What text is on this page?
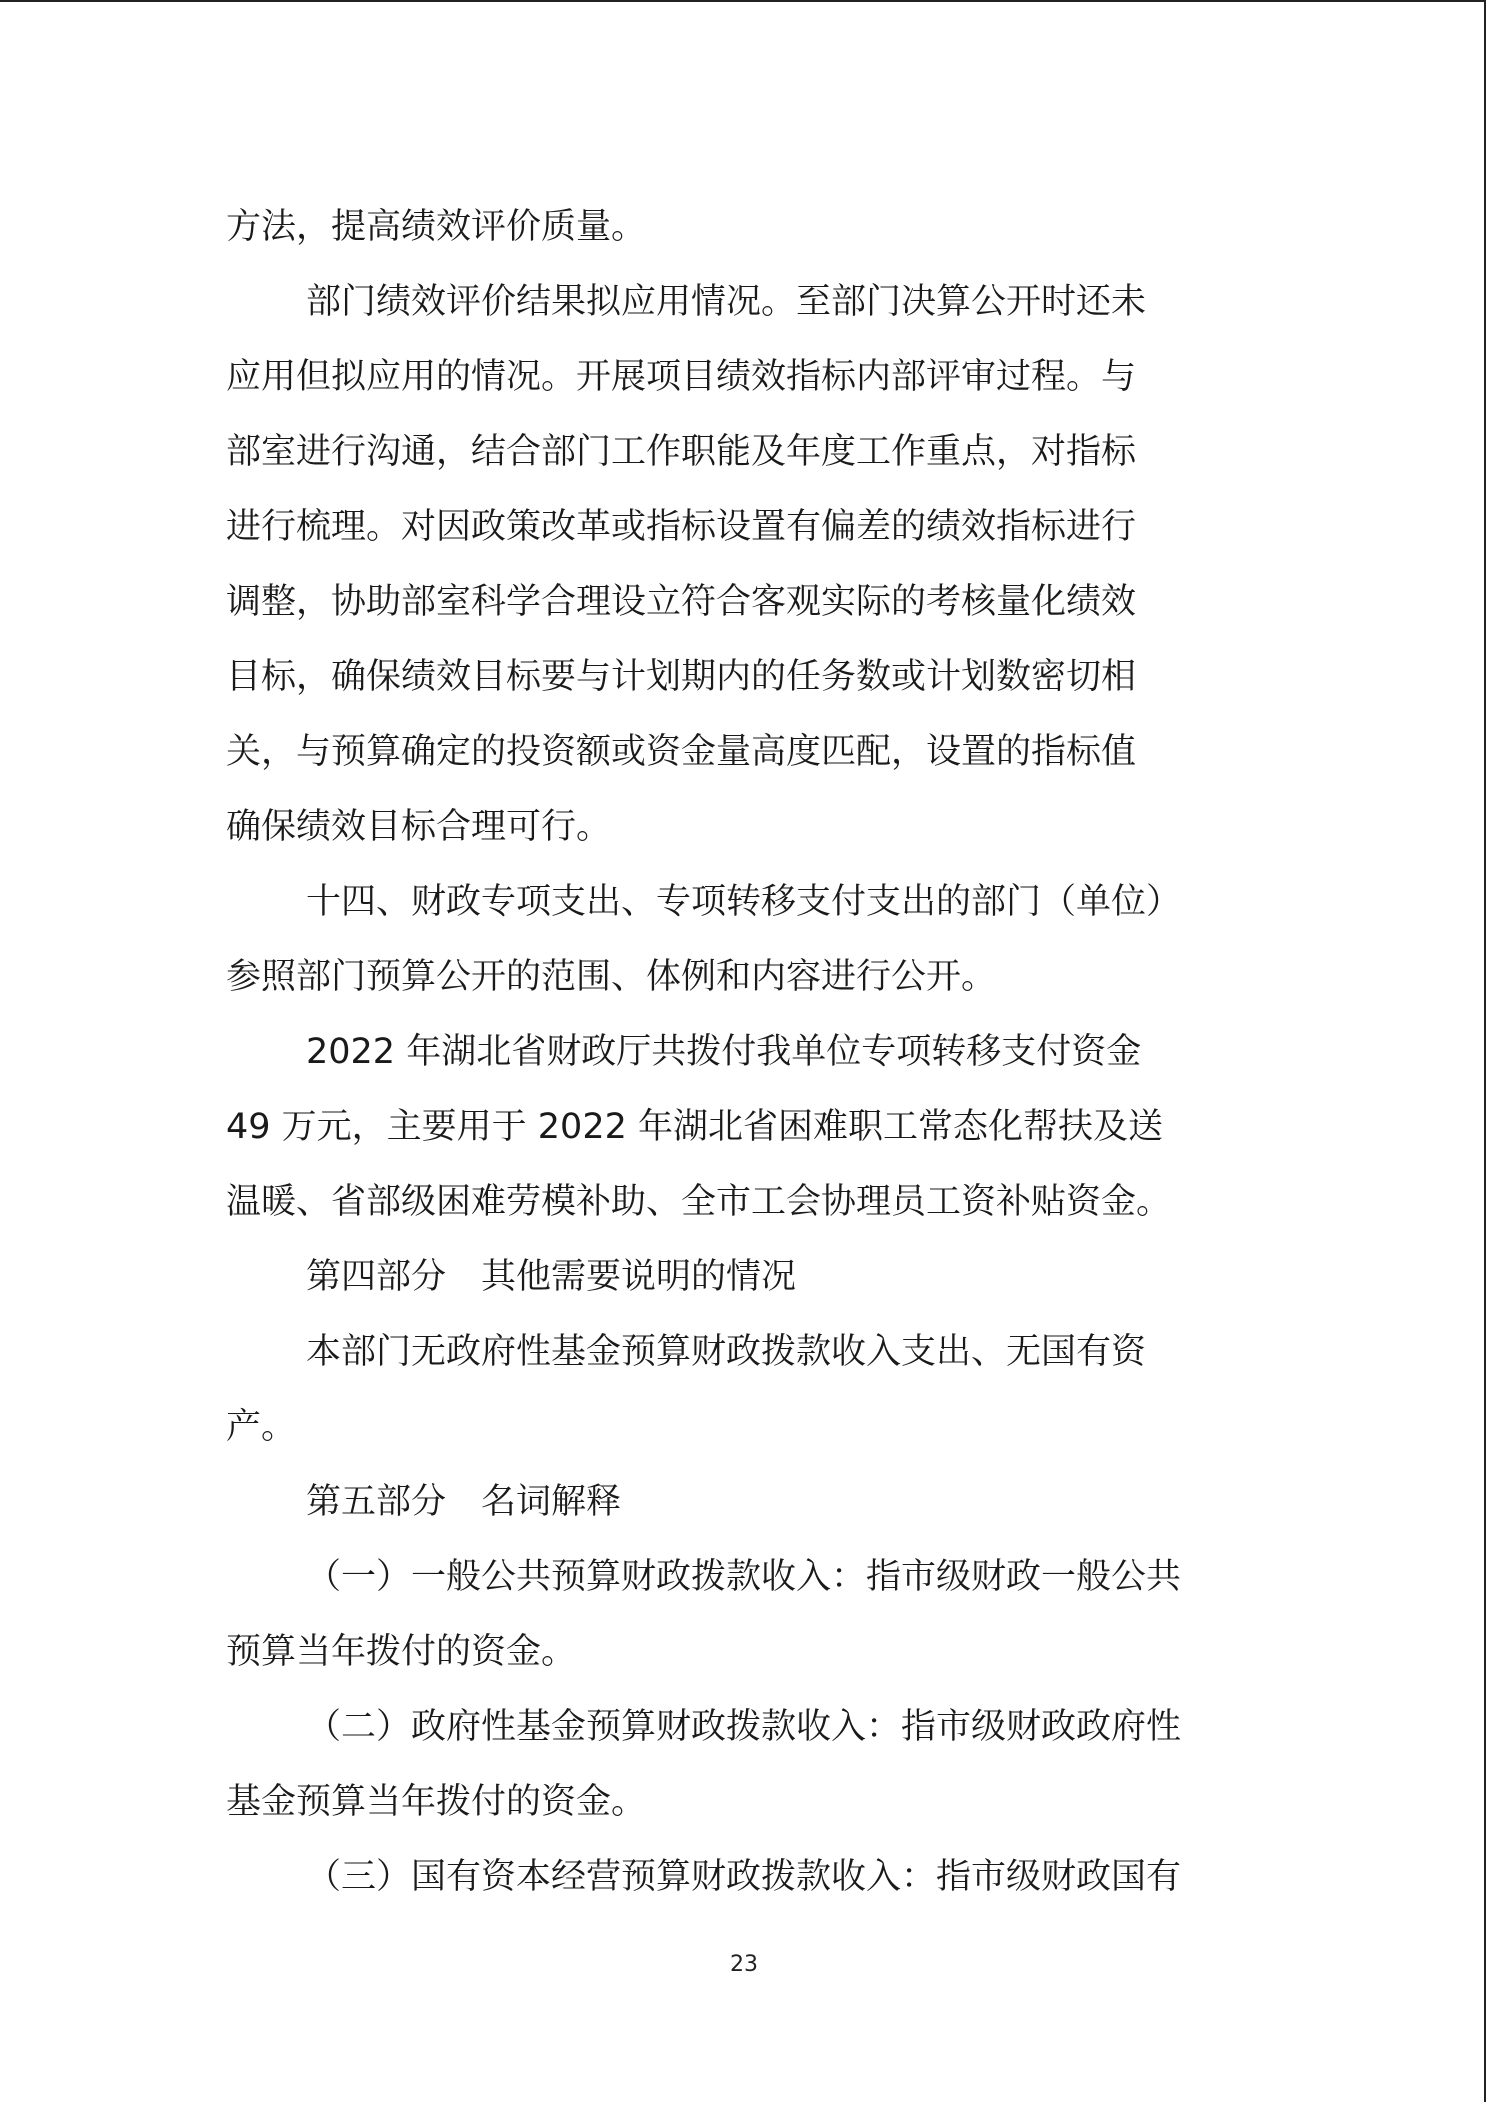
方法，提高绩效评价质量。

部门绩效评价结果拟应用情况。至部门决算公开时还未

应用但拟应用的情况。开展项目绩效指标内部评审过程。与

部室进行沟通，结合部门工作职能及年度工作重点，对指标

进行梳理。对因政策改革或指标设置有偏差的绩效指标进行

调整，协助部室科学合理设立符合客观实际的考核量化绩效

目标，确保绩效目标要与计划期内的任务数或计划数密切相

关，与预算确定的投资额或资金量高度匹配，设置的指标值

确保绩效目标合理可行。

十四、财政专项支出、专项转移支付支出的部门（单位）

参照部门预算公开的范围、体例和内容进行公开。

2022 年湖北省财政厅共拨付我单位专项转移支付资金

49 万元，主要用于 2022 年湖北省困难职工常态化帮扶及送

温暖、省部级困难劳模补助、全市工会协理员工资补贴资金。

第四部分　其他需要说明的情况

本部门无政府性基金预算财政拨款收入支出、无国有资

产。

第五部分　名词解释

（一）一般公共预算财政拨款收入：指市级财政一般公共

预算当年拨付的资金。

（二）政府性基金预算财政拨款收入：指市级财政政府性

基金预算当年拨付的资金。

（三）国有资本经营预算财政拨款收入：指市级财政国有

23
